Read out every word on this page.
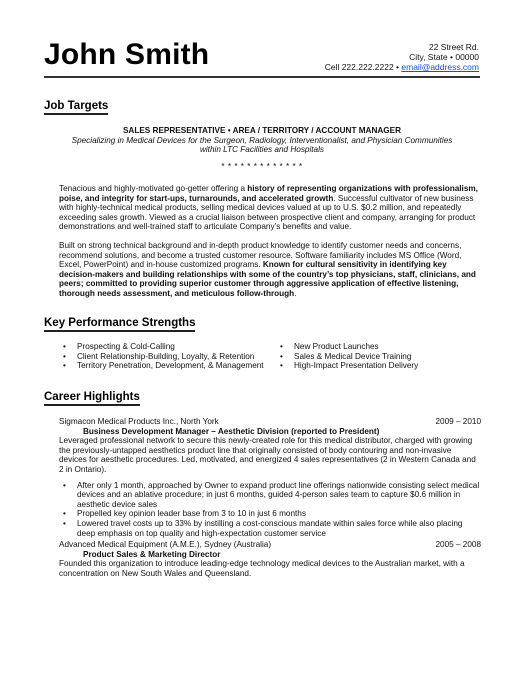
John Smith	22 Street Rd.
City, State • 00000
Cell 222.222.2222 • email@address.com
Job Targets
SALES REPRESENTATIVE • AREA / TERRITORY / ACCOUNT MANAGER
Specializing in Medical Devices for the Surgeon, Radiology, Interventionalist, and Physician Communities
within LTC Facilities and Hospitals
* * * * * * * * * * * * *
Tenacious and highly-motivated go-getter offering a history of representing organizations with professionalism, poise, and integrity for start-ups, turnarounds, and accelerated growth. Successful cultivator of new business with highly-technical medical products, selling medical devices valued at up to U.S. $0.2 million, and repeatedly exceeding sales growth. Viewed as a crucial liaison between prospective client and company, arranging for product demonstrations and well-trained staff to articulate Company’s benefits and value.
Built on strong technical background and in-depth product knowledge to identify customer needs and concerns, recommend solutions, and become a trusted customer resource. Software familiarity includes MS Office (Word, Excel, PowerPoint) and in-house customized programs. Known for cultural sensitivity in identifying key decision-makers and building relationships with some of the country’s top physicians, staff, clinicians, and peers; committed to providing superior customer through aggressive application of effective listening, thorough needs assessment, and meticulous follow-through.
Key Performance Strengths
• Prospecting & Cold-Calling
• Client Relationship-Building, Loyalty, & Retention
• Territory Penetration, Development, & Management
• New Product Launches
• Sales & Medical Device Training
• High-Impact Presentation Delivery
Career Highlights
Sigmacon Medical Products Inc., North York	2009 – 2010
Business Development Manager – Aesthetic Division (reported to President)
Leveraged professional network to secure this newly-created role for this medical distributor, charged with growing the previously-untapped aesthetics product line that originally consisted of body contouring and non-invasive devices for aesthetic procedures. Led, motivated, and energized 4 sales representatives (2 in Western Canada and 2 in Ontario).
• After only 1 month, approached by Owner to expand product line offerings nationwide consisting select medical devices and an ablative procedure; in just 6 months, guided 4-person sales team to capture $0.6 million in aesthetic device sales
• Propelled key opinion leader base from 3 to 10 in just 6 months
• Lowered travel costs up to 33% by instilling a cost-conscious mandate within sales force while also placing deep emphasis on top quality and high-expectation customer service
Advanced Medical Equipment (A.M.E.), Sydney (Australia)	2005 – 2008
Product Sales & Marketing Director
Founded this organization to introduce leading-edge technology medical devices to the Australian market, with a concentration on New South Wales and Queensland.
